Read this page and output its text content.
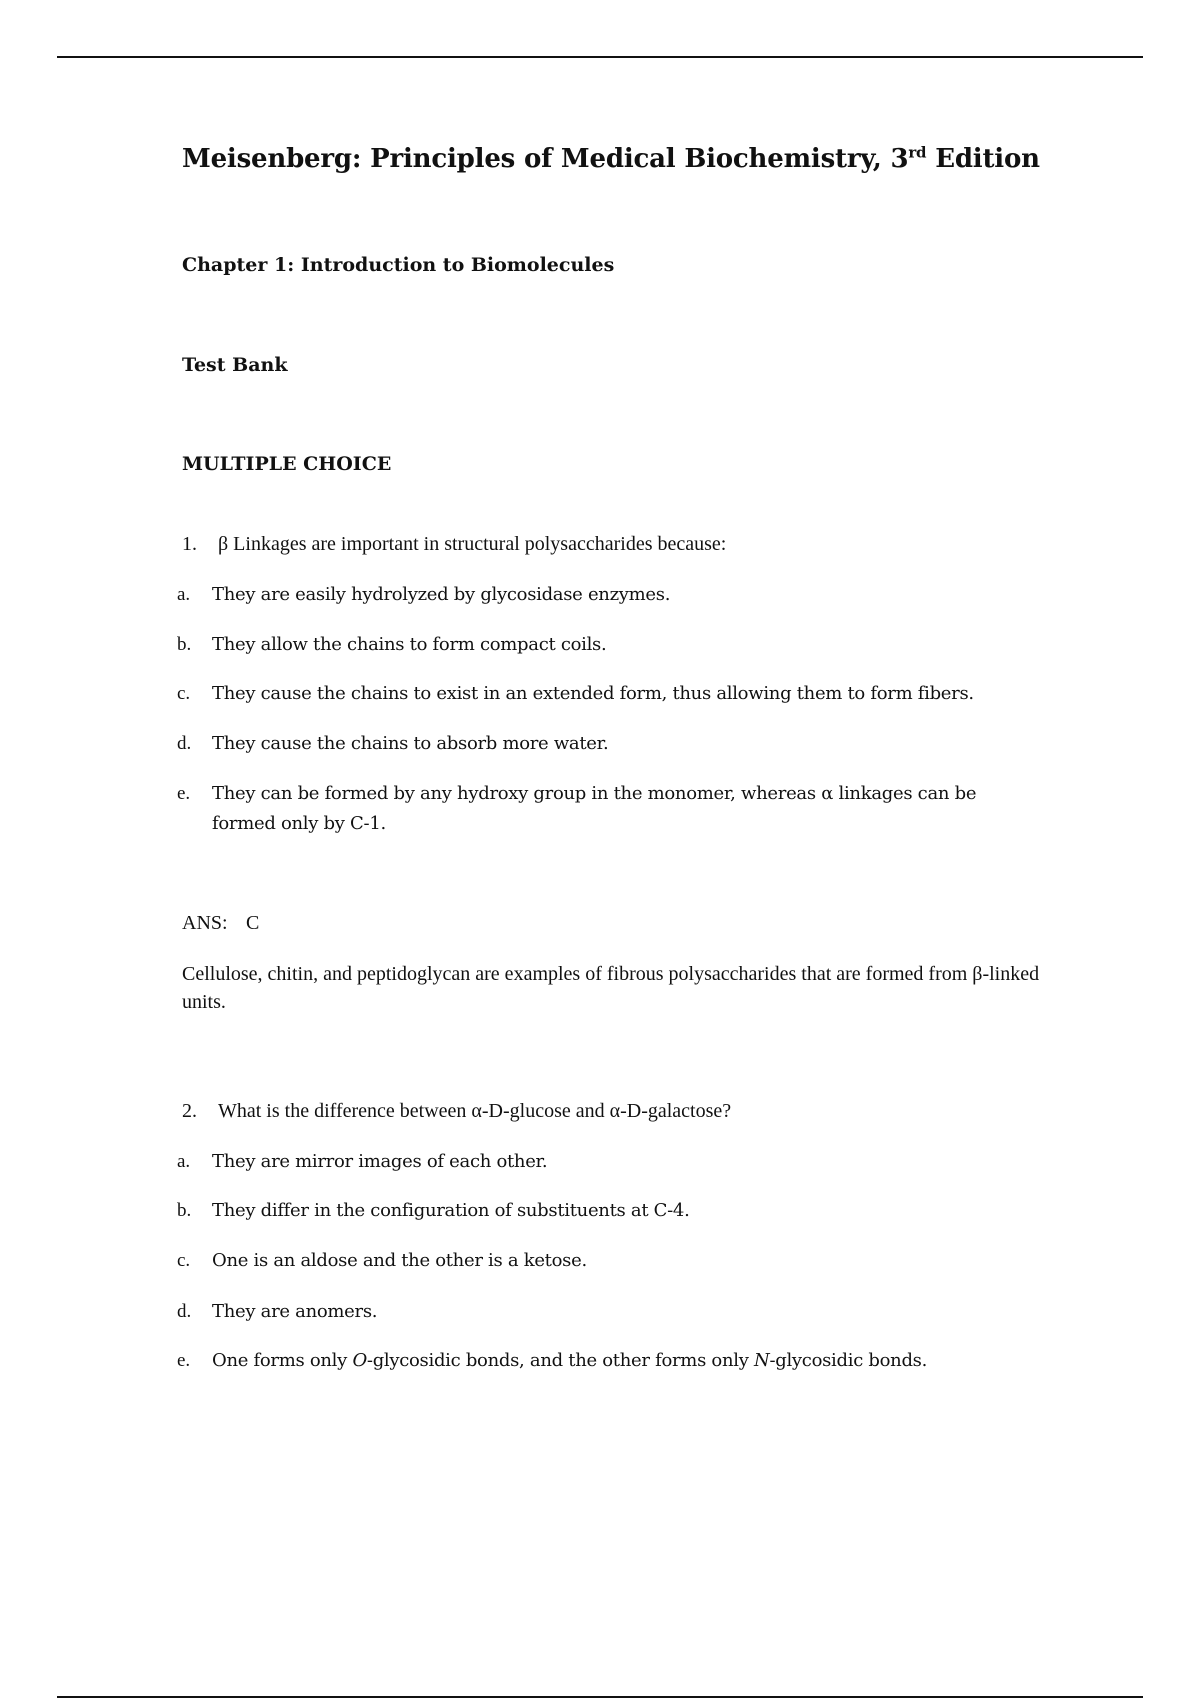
Meisenberg: Principles of Medical Biochemistry, 3rd Edition
Chapter 1: Introduction to Biomolecules
Test Bank
MULTIPLE CHOICE
1. β Linkages are important in structural polysaccharides because:
a. They are easily hydrolyzed by glycosidase enzymes.
b. They allow the chains to form compact coils.
c. They cause the chains to exist in an extended form, thus allowing them to form fibers.
d. They cause the chains to absorb more water.
e. They can be formed by any hydroxy group in the monomer, whereas α linkages can be formed only by C-1.
ANS: C
Cellulose, chitin, and peptidoglycan are examples of fibrous polysaccharides that are formed from β-linked units.
2. What is the difference between α-D-glucose and α-D-galactose?
a. They are mirror images of each other.
b. They differ in the configuration of substituents at C-4.
c. One is an aldose and the other is a ketose.
d. They are anomers.
e. One forms only O-glycosidic bonds, and the other forms only N-glycosidic bonds.
